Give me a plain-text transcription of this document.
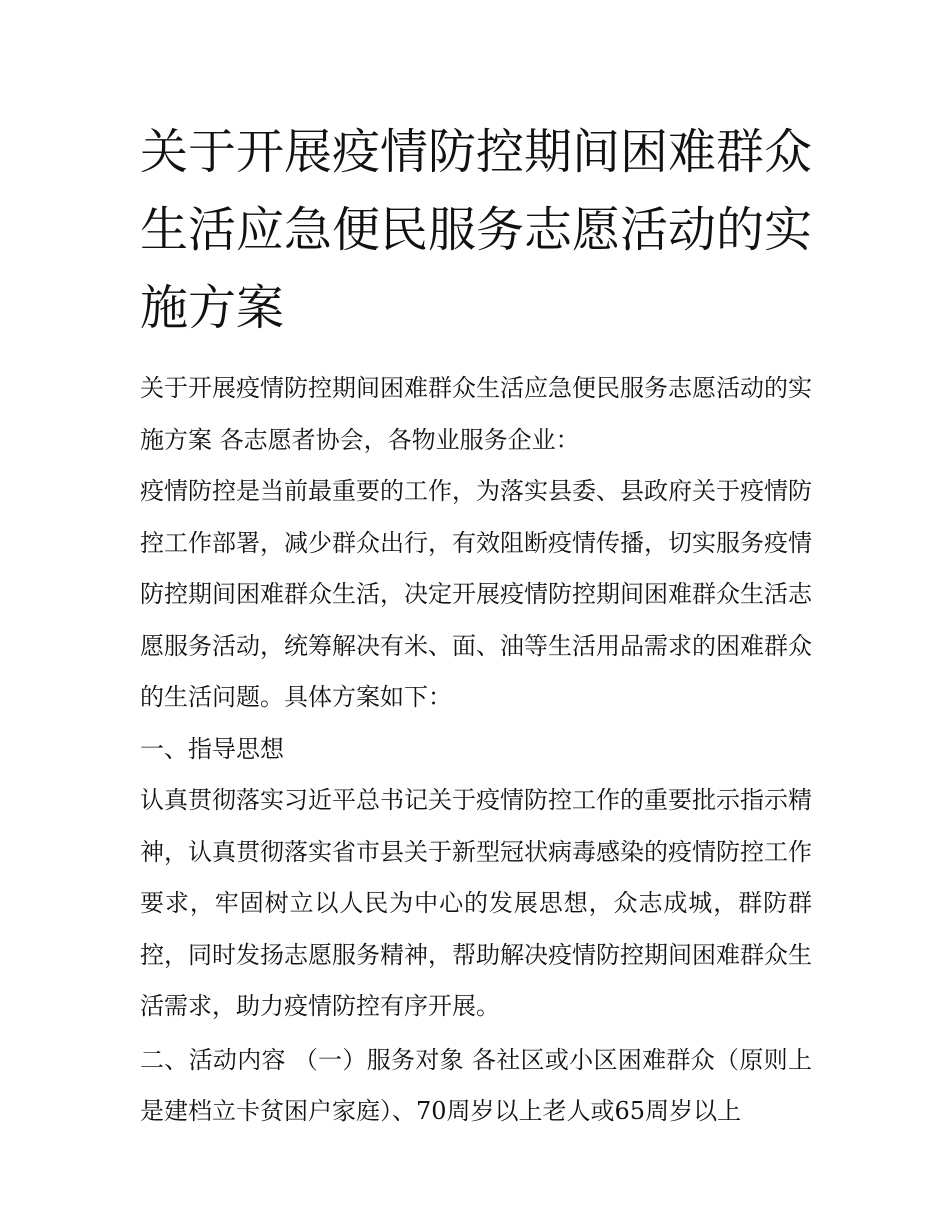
关于开展疫情防控期间困难群众生活应急便民服务志愿活动的实施方案

关于开展疫情防控期间困难群众生活应急便民服务志愿活动的实施方案 各志愿者协会，各物业服务企业：

疫情防控是当前最重要的工作，为落实县委、县政府关于疫情防控工作部署，减少群众出行，有效阻断疫情传播，切实服务疫情防控期间困难群众生活，决定开展疫情防控期间困难群众生活志愿服务活动，统筹解决有米、面、油等生活用品需求的困难群众的生活问题。具体方案如下：

一、指导思想

认真贯彻落实习近平总书记关于疫情防控工作的重要批示指示精神，认真贯彻落实省市县关于新型冠状病毒感染的疫情防控工作要求，牢固树立以人民为中心的发展思想，众志成城，群防群控，同时发扬志愿服务精神，帮助解决疫情防控期间困难群众生活需求，助力疫情防控有序开展。

二、活动内容 （一）服务对象 各社区或小区困难群众（原则上是建档立卡贫困户家庭）、70周岁以上老人或65周岁以上
